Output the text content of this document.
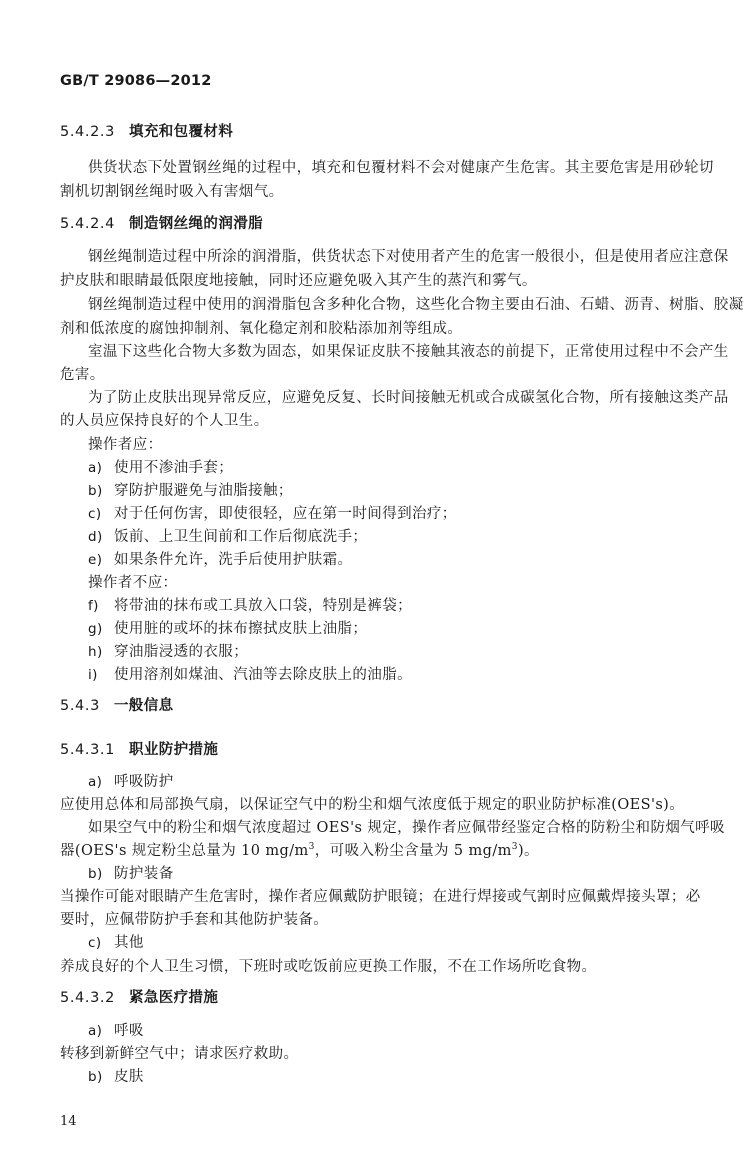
GB/T 29086—2012
5.4.2.3 填充和包覆材料
供货状态下处置钢丝绳的过程中，填充和包覆材料不会对健康产生危害。其主要危害是用砂轮切
割机切割钢丝绳时吸入有害烟气。
5.4.2.4 制造钢丝绳的润滑脂
钢丝绳制造过程中所涂的润滑脂，供货状态下对使用者产生的危害一般很小，但是使用者应注意保
护皮肤和眼睛最低限度地接触，同时还应避免吸入其产生的蒸汽和雾气。
钢丝绳制造过程中使用的润滑脂包含多种化合物，这些化合物主要由石油、石蜡、沥青、树脂、胶凝
剂和低浓度的腐蚀抑制剂、氧化稳定剂和胶粘添加剂等组成。
室温下这些化合物大多数为固态，如果保证皮肤不接触其液态的前提下，正常使用过程中不会产生
危害。
为了防止皮肤出现异常反应，应避免反复、长时间接触无机或合成碳氢化合物，所有接触这类产品
的人员应保持良好的个人卫生。
操作者应：
a) 使用不渗油手套；
b) 穿防护服避免与油脂接触；
c) 对于任何伤害，即使很轻，应在第一时间得到治疗；
d) 饭前、上卫生间前和工作后彻底洗手；
e) 如果条件允许，洗手后使用护肤霜。
操作者不应：
f) 将带油的抹布或工具放入口袋，特别是裤袋；
g) 使用脏的或坏的抹布擦拭皮肤上油脂；
h) 穿油脂浸透的衣服；
i) 使用溶剂如煤油、汽油等去除皮肤上的油脂。
5.4.3 一般信息
5.4.3.1 职业防护措施
a) 呼吸防护
应使用总体和局部换气扇，以保证空气中的粉尘和烟气浓度低于规定的职业防护标准(OES's)。
如果空气中的粉尘和烟气浓度超过 OES's 规定，操作者应佩带经鉴定合格的防粉尘和防烟气呼吸
器(OES's 规定粉尘总量为 10 $mg/m^3$，可吸入粉尘含量为 5 $mg/m^3$)。
b) 防护装备
当操作可能对眼睛产生危害时，操作者应佩戴防护眼镜；在进行焊接或气割时应佩戴焊接头罩；必
要时，应佩带防护手套和其他防护装备。
c) 其他
养成良好的个人卫生习惯，下班时或吃饭前应更换工作服，不在工作场所吃食物。
5.4.3.2 紧急医疗措施
a) 呼吸
转移到新鲜空气中；请求医疗救助。
b) 皮肤
14
